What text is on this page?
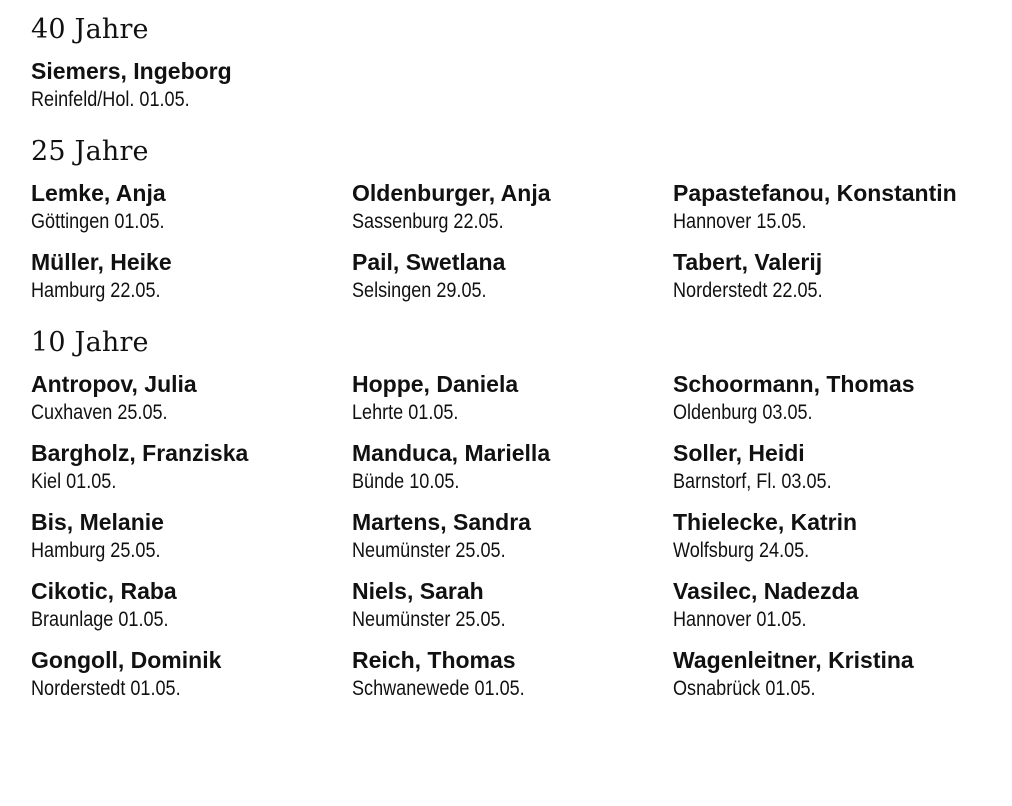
40 Jahre
Siemers, Ingeborg
Reinfeld/Hol. 01.05.
25 Jahre
Lemke, Anja
Göttingen 01.05.
Oldenburger, Anja
Sassenburg 22.05.
Papastefanou, Konstantin
Hannover 15.05.
Müller, Heike
Hamburg 22.05.
Pail, Swetlana
Selsingen 29.05.
Tabert, Valerij
Norderstedt 22.05.
10 Jahre
Antropov, Julia
Cuxhaven 25.05.
Hoppe, Daniela
Lehrte 01.05.
Schoormann, Thomas
Oldenburg 03.05.
Bargholz, Franziska
Kiel 01.05.
Manduca, Mariella
Bünde 10.05.
Soller, Heidi
Barnstorf, Fl. 03.05.
Bis, Melanie
Hamburg 25.05.
Martens, Sandra
Neumünster 25.05.
Thielecke, Katrin
Wolfsburg 24.05.
Cikotic, Raba
Braunlage 01.05.
Niels, Sarah
Neumünster 25.05.
Vasilec, Nadezda
Hannover 01.05.
Gongoll, Dominik
Norderstedt 01.05.
Reich, Thomas
Schwanewede 01.05.
Wagenleitner, Kristina
Osnabrück 01.05.
